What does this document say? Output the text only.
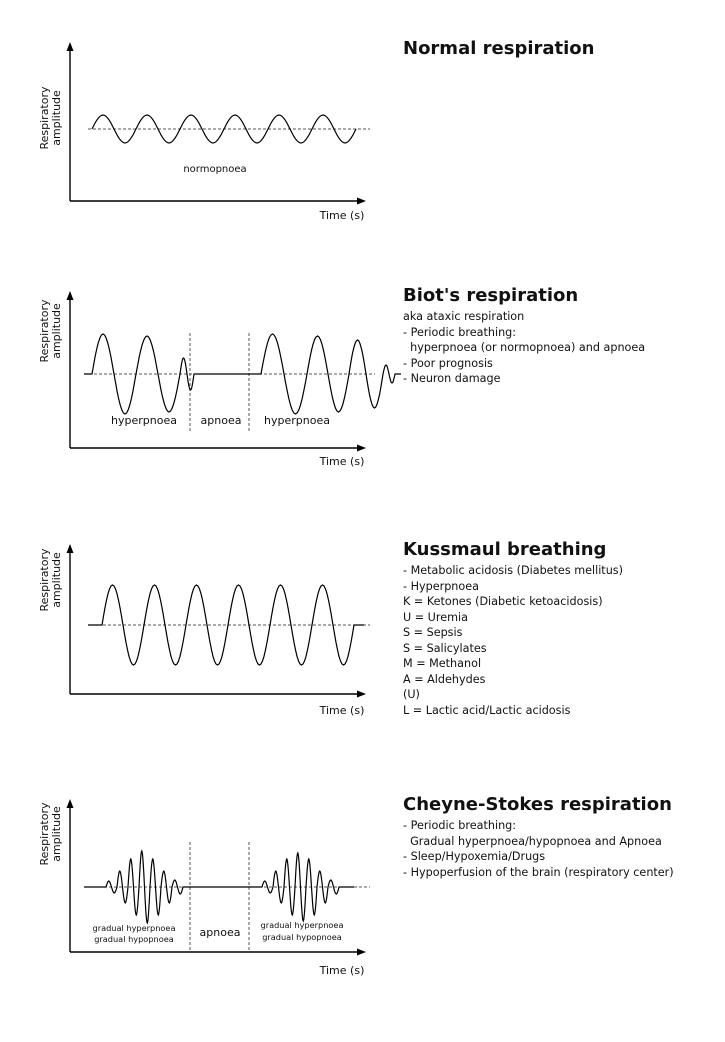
Respiratory amplitude
Time (s)
normopnoea
Normal respiration
Respiratory amplitude
Time (s)
hyperpnoea apnoea hyperpnoea
Biot's respiration
aka ataxic respiration
- Periodic breathing:
hyperpnoea (or normopnoea) and apnoea
- Poor prognosis
- Neuron damage
Respiratory amplitude
Time (s)
Kussmaul breathing
- Metabolic acidosis (Diabetes mellitus)
- Hyperpnoea
K = Ketones (Diabetic ketoacidosis)
U = Uremia
S = Sepsis
S = Salicylates
M = Methanol
A = Aldehydes
(U)
L = Lactic acid/Lactic acidosis
Respiratory amplitude
Time (s)
gradual hyperpnoea
gradual hypopnoea apnoea
gradual hyperpnoea
gradual hypopnoea
Cheyne-Stokes respiration
- Periodic breathing:
Gradual hyperpnoea/hypopnoea and Apnoea
- Sleep/Hypoxemia/Drugs
- Hypoperfusion of the brain (respiratory center)
